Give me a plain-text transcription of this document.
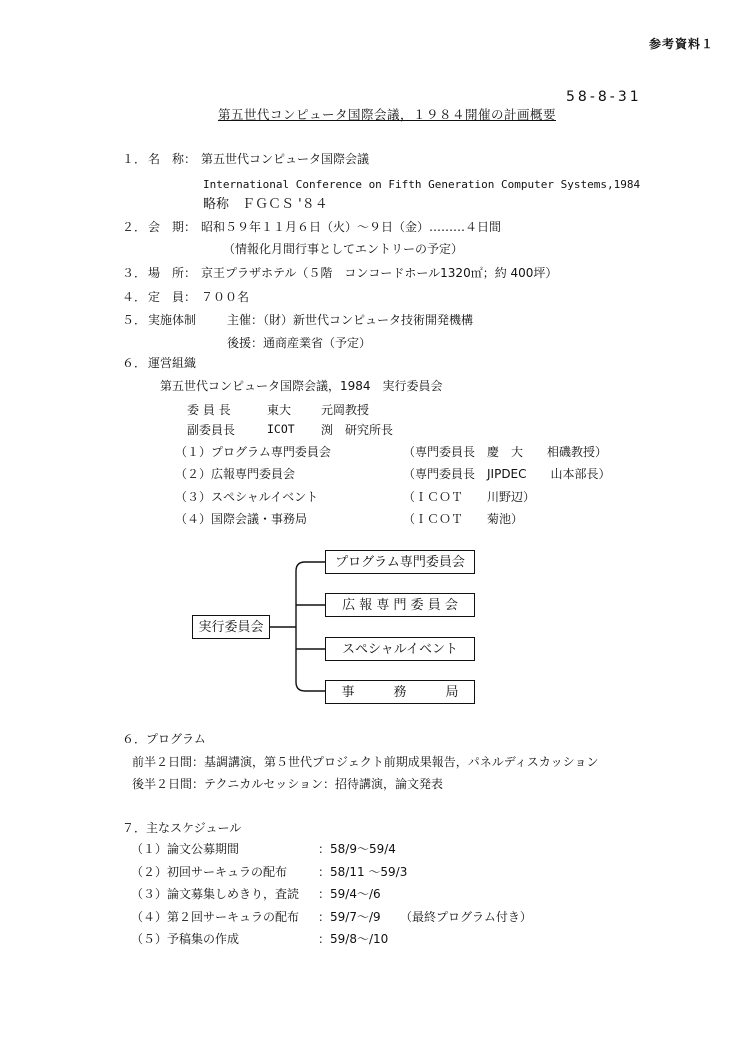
参考資料１
58-8-31
第五世代コンピュータ国際会議，１９８４開催の計画概要
１． 名　称： 第五世代コンピュータ国際会議
International Conference on Fifth Generation Computer Systems,1984
略称　ＦＧＣＳ '８４
２． 会　期： 昭和５９年１１月６日（火）～９日（金）………４日間
（情報化月間行事としてエントリーの予定）
３． 場　所： 京王プラザホテル（５階　コンコードホール1320㎡；約 400坪）
４． 定　員： ７００名
５． 実施体制	主催：（財）新世代コンピュータ技術開発機構
後援：通商産業省（予定）
６． 運営組織
第五世代コンピュータ国際会議，1984　実行委員会
委 員 長	東大 元岡教授
副委員長	ICOT 渕　研究所長
（１）プログラム専門委員会	（専門委員長　慶　大　　相磯教授）
（２）広報専門委員会	（専門委員長　JIPDEC　　山本部長）
（３）スペシャルイベント	（ＩＣＯＴ　　川野辺）
（４）国際会議・事務局	（ＩＣＯＴ　　菊池）
実行委員会
プログラム専門委員会
広 報 専 門 委 員 会
スペシャルイベント
事　　　務　　　局
６． プログラム
前半２日間：基調講演，第５世代プロジェクト前期成果報告，パネルディスカッション
後半２日間：テクニカルセッション：招待講演，論文発表
７． 主なスケジュール
（１）論文公募期間	：58/9～59/4
（２）初回サーキュラの配布	：58/11 ～59/3
（３）論文募集しめきり，査読 ：59/4～/6
（４）第２回サーキュラの配布 ：59/7～/9 （最終プログラム付き）
（５）予稿集の作成	：59/8～/10
